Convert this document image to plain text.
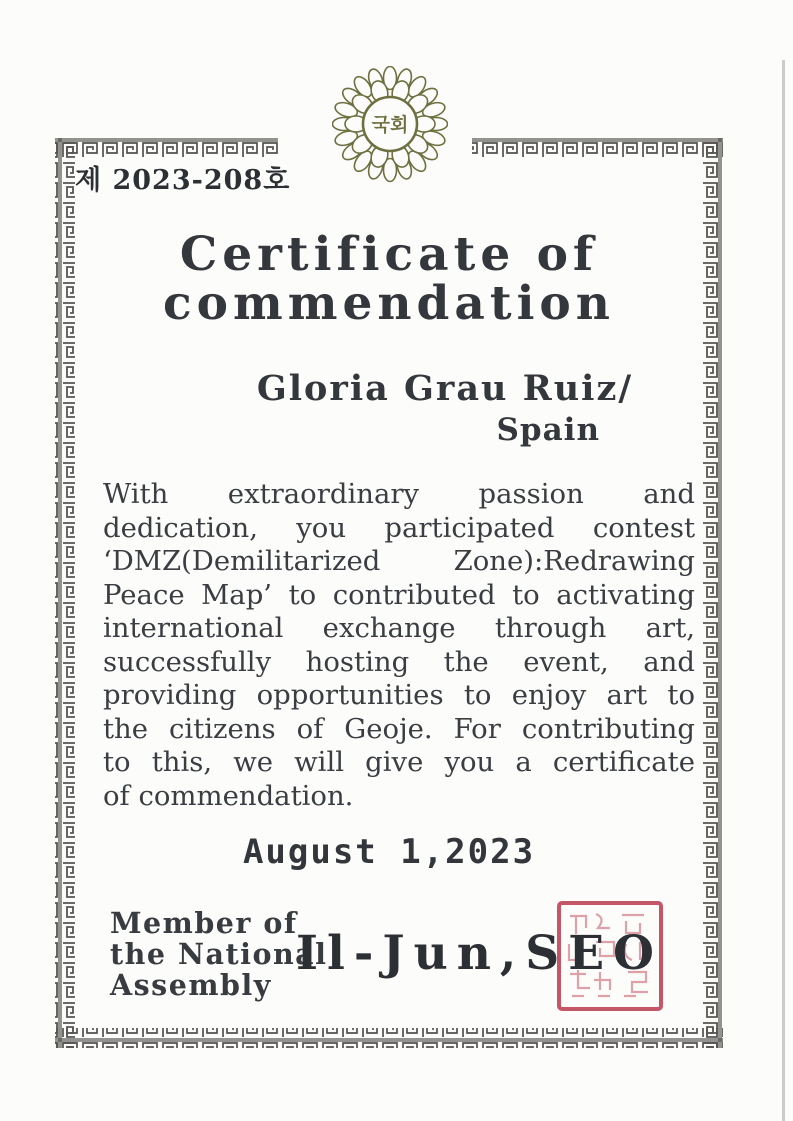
국회
제 2023-208호
Certificate of
commendation
Gloria Grau Ruiz/
Spain
With extraordinary passion and
dedication, you participated contest
‘DMZ(Demilitarized Zone):Redrawing
Peace Map’ to contributed to activating
international exchange through art,
successfully hosting the event, and
providing opportunities to enjoy art to
the citizens of Geoje. For contributing
to this, we will give you a certificate
of commendation.
August 1,2023
Member of
the National
Assembly
Il-Jun,SEO
